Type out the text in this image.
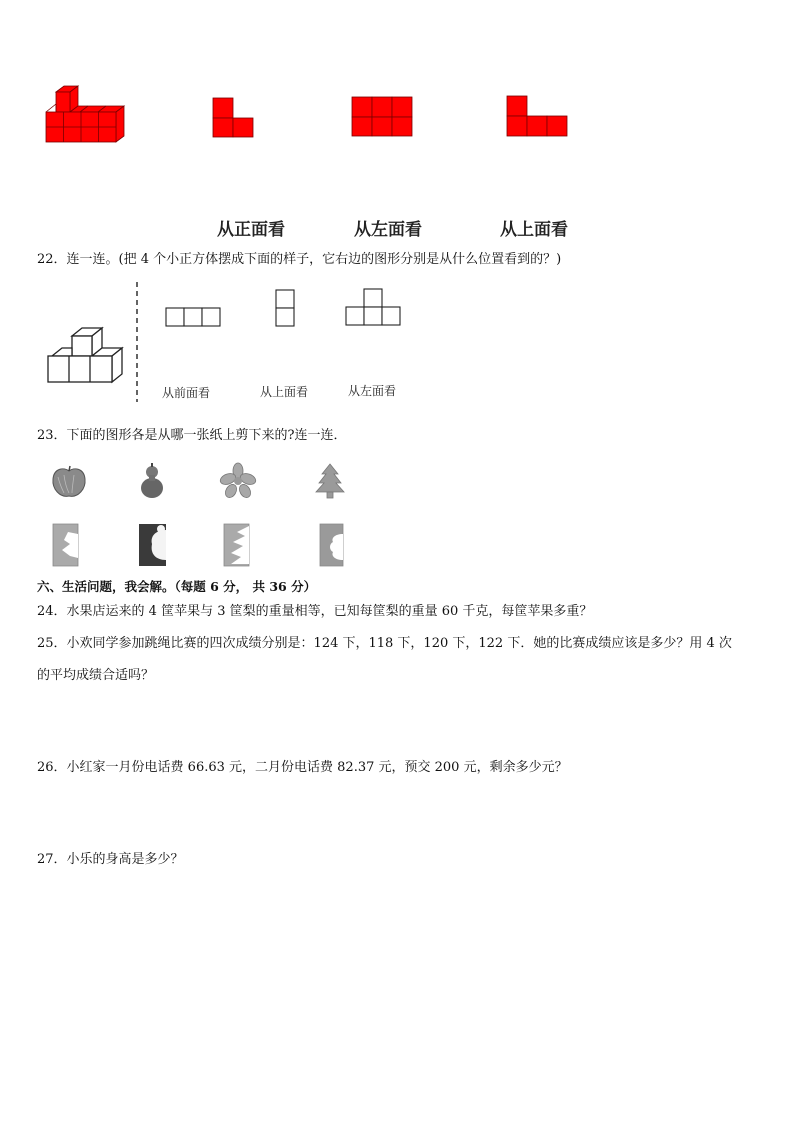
从正面看	从左面看	从上面看
22．连一连。(把 4 个小正方体摆成下面的样子，它右边的图形分别是从什么位置看到的？)
从前面看	从上面看	从左面看
23．下面的图形各是从哪一张纸上剪下来的?连一连．
六、生活问题，我会解。（每题 6 分， 共 36 分）
24．水果店运来的 4 筐苹果与 3 筐梨的重量相等，已知每筐梨的重量 60 千克，每筐苹果多重？
25．小欢同学参加跳绳比赛的四次成绩分别是：124 下，118 下，120 下，122 下．她的比赛成绩应该是多少？用 4 次
的平均成绩合适吗？
26．小红家一月份电话费 66.63 元，二月份电话费 82.37 元，预交 200 元，剩余多少元？
27．小乐的身高是多少？
